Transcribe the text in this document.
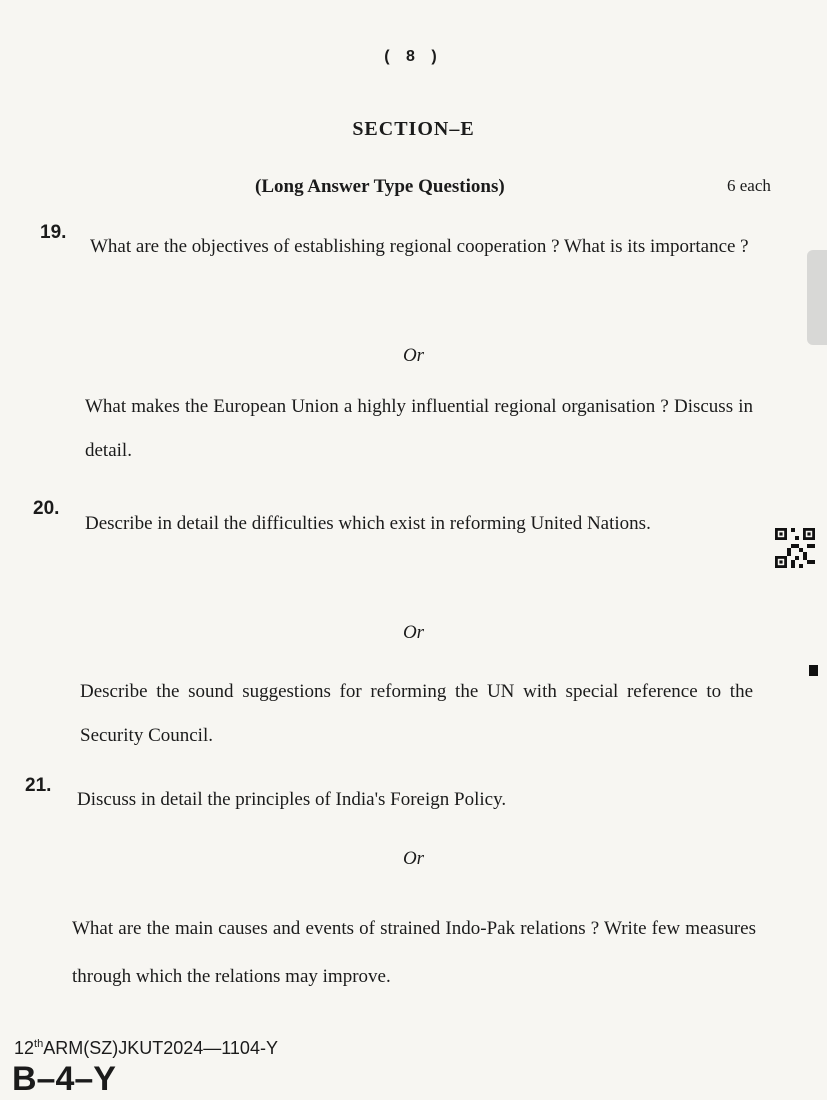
( 8 )
SECTION–E
(Long Answer Type Questions)	6 each
19.
What are the objectives of establishing regional cooperation ? What is its importance ?
Or
What makes the European Union a highly influential regional organisation ? Discuss in detail.
20.
Describe in detail the difficulties which exist in reforming United Nations.
Or
Describe the sound suggestions for reforming the UN with special reference to the Security Council.
21.
Discuss in detail the principles of India's Foreign Policy.
Or
What are the main causes and events of strained Indo-Pak relations ? Write few measures through which the relations may improve.
12thARM(SZ)JKUT2024—1104-Y
B–4–Y
